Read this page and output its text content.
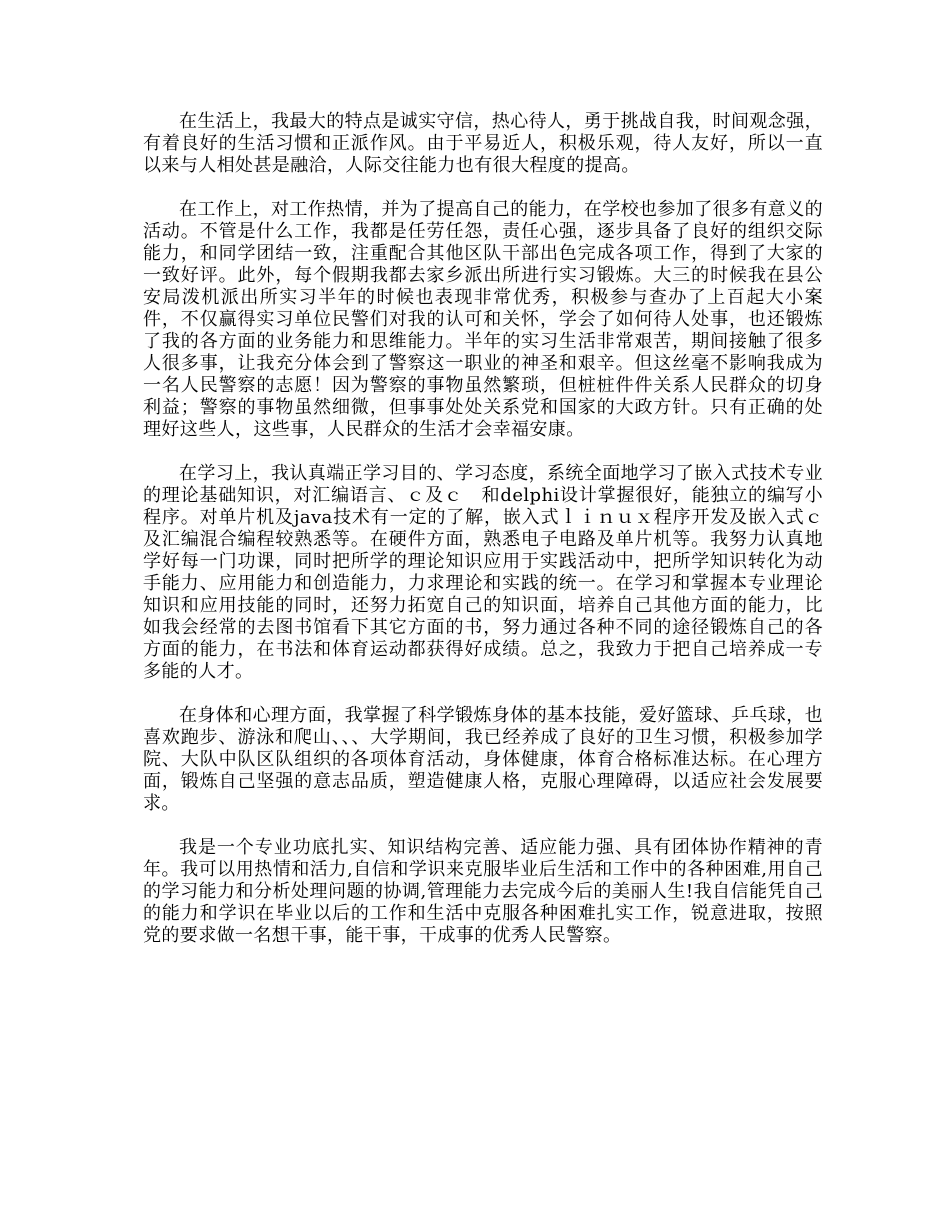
在生活上，我最大的特点是诚实守信，热心待人，勇于挑战自我，时间观念强，有着良好的生活习惯和正派作风。由于平易近人，积极乐观，待人友好，所以一直以来与人相处甚是融洽，人际交往能力也有很大程度的提高。

在工作上，对工作热情，并为了提高自己的能力，在学校也参加了很多有意义的活动。不管是什么工作，我都是任劳任怨，责任心强，逐步具备了良好的组织交际能力，和同学团结一致，注重配合其他区队干部出色完成各项工作，得到了大家的一致好评。此外，每个假期我都去家乡派出所进行实习锻炼。大三的时候我在县公安局泼机派出所实习半年的时候也表现非常优秀，积极参与查办了上百起大小案件，不仅赢得实习单位民警们对我的认可和关怀，学会了如何待人处事，也还锻炼了我的各方面的业务能力和思维能力。半年的实习生活非常艰苦，期间接触了很多人很多事，让我充分体会到了警察这一职业的神圣和艰辛。但这丝毫不影响我成为一名人民警察的志愿！因为警察的事物虽然繁琐，但桩桩件件关系人民群众的切身利益；警察的事物虽然细微，但事事处处关系党和国家的大政方针。只有正确的处理好这些人，这些事，人民群众的生活才会幸福安康。

在学习上，我认真端正学习目的、学习态度，系统全面地学习了嵌入式技术专业的理论基础知识，对汇编语言、ｃ及ｃ　和delphi设计掌握很好，能独立的编写小程序。对单片机及java技术有一定的了解，嵌入式ｌｉｎｕｘ程序开发及嵌入式ｃ及汇编混合编程较熟悉等。在硬件方面，熟悉电子电路及单片机等。我努力认真地学好每一门功课，同时把所学的理论知识应用于实践活动中，把所学知识转化为动手能力、应用能力和创造能力，力求理论和实践的统一。在学习和掌握本专业理论知识和应用技能的同时，还努力拓宽自己的知识面，培养自己其他方面的能力，比如我会经常的去图书馆看下其它方面的书，努力通过各种不同的途径锻炼自己的各方面的能力，在书法和体育运动都获得好成绩。总之，我致力于把自己培养成一专多能的人才。

在身体和心理方面，我掌握了科学锻炼身体的基本技能，爱好篮球、乒乓球，也喜欢跑步、游泳和爬山、、、大学期间，我已经养成了良好的卫生习惯，积极参加学院、大队中队区队组织的各项体育活动，身体健康，体育合格标准达标。在心理方面，锻炼自己坚强的意志品质，塑造健康人格，克服心理障碍，以适应社会发展要求。

我是一个专业功底扎实、知识结构完善、适应能力强、具有团体协作精神的青年。我可以用热情和活力,自信和学识来克服毕业后生活和工作中的各种困难,用自己的学习能力和分析处理问题的协调,管理能力去完成今后的美丽人生!我自信能凭自己的能力和学识在毕业以后的工作和生活中克服各种困难扎实工作，锐意进取，按照党的要求做一名想干事，能干事，干成事的优秀人民警察。
